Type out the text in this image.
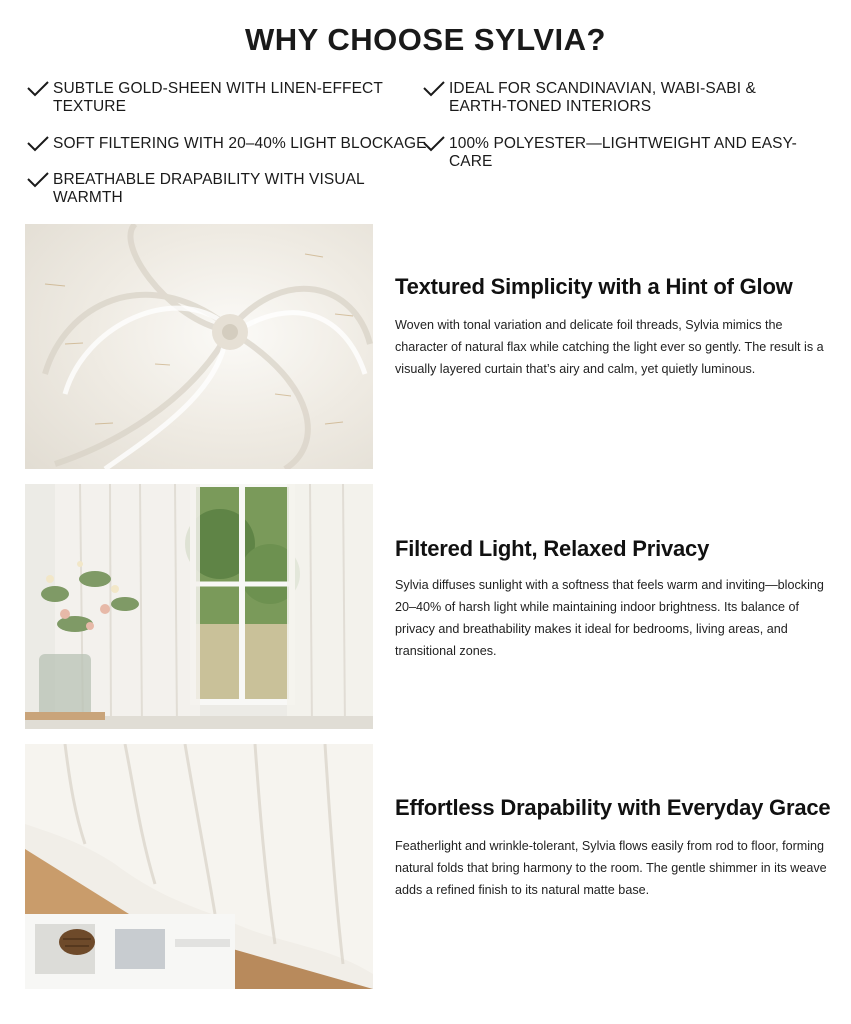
WHY CHOOSE SYLVIA?
SUBTLE GOLD-SHEEN WITH LINEN-EFFECT TEXTURE
IDEAL FOR SCANDINAVIAN, WABI-SABI & EARTH-TONED INTERIORS
SOFT FILTERING WITH 20–40% LIGHT BLOCKAGE 100% POLYESTER—LIGHTWEIGHT AND EASY-CARE
BREATHABLE DRAPABILITY WITH VISUAL WARMTH
Textured Simplicity with a Hint of Glow

Woven with tonal variation and delicate foil threads, Sylvia mimics the character of natural flax while catching the light ever so gently. The result is a visually layered curtain that’s airy and calm, yet quietly luminous.

Filtered Light, Relaxed Privacy

Sylvia diffuses sunlight with a softness that feels warm and inviting—blocking 20–40% of harsh light while maintaining indoor brightness. Its balance of privacy and breathability makes it ideal for bedrooms, living areas, and transitional zones.

Effortless Drapability with Everyday Grace

Featherlight and wrinkle-tolerant, Sylvia flows easily from rod to floor, forming natural folds that bring harmony to the room. The gentle shimmer in its weave adds a refined finish to its natural matte base.
